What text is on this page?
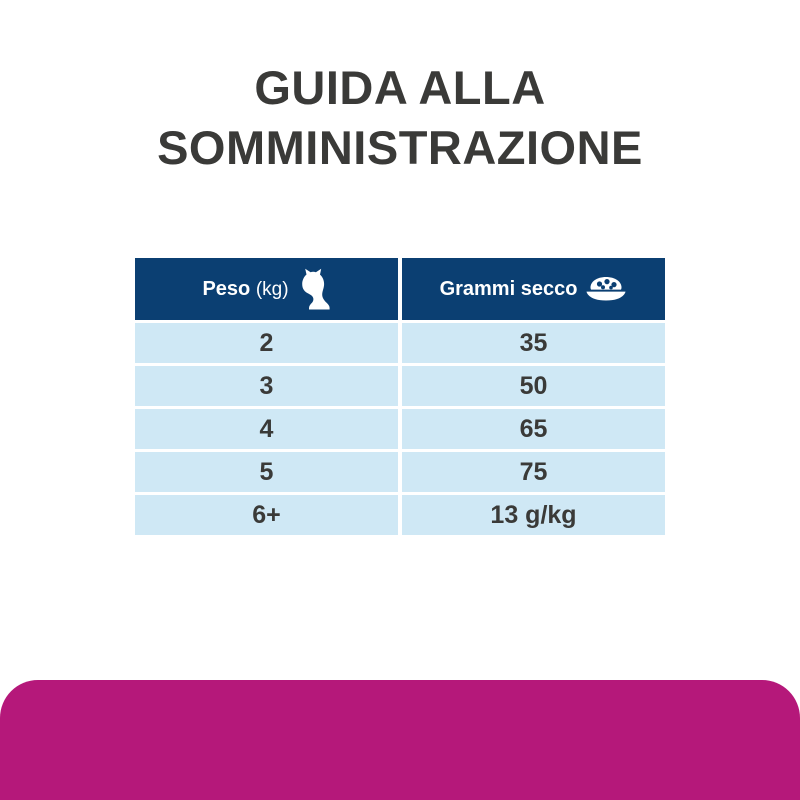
GUIDA ALLA
SOMMINISTRAZIONE
Peso (kg)	Grammi secco

2	35
3	50
4	65
5	75
6+	13 g/kg
